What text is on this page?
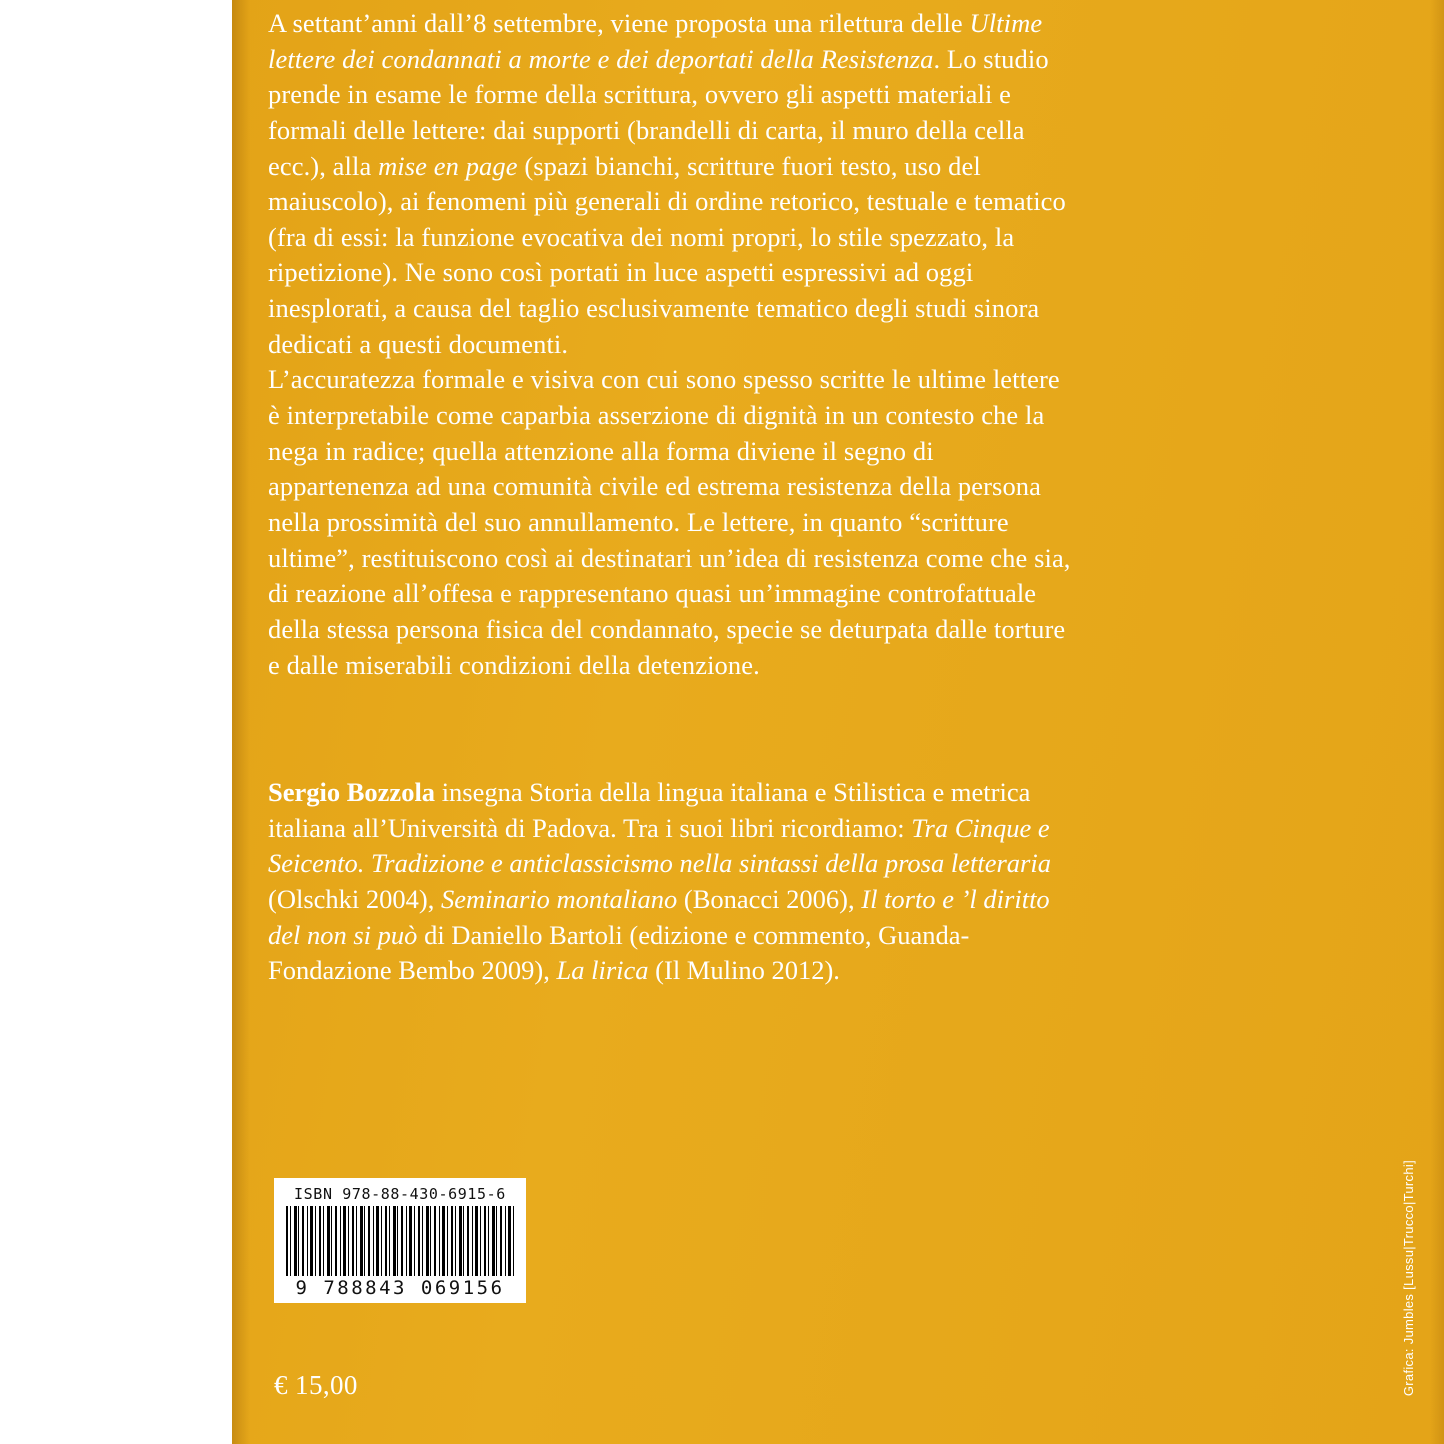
A settant’anni dall’8 settembre, viene proposta una rilettura delle Ultime lettere dei condannati a morte e dei deportati della Resistenza. Lo studio prende in esame le forme della scrittura, ovvero gli aspetti materiali e formali delle lettere: dai supporti (brandelli di carta, il muro della cella ecc.), alla mise en page (spazi bianchi, scritture fuori testo, uso del maiuscolo), ai fenomeni più generali di ordine retorico, testuale e tematico (fra di essi: la funzione evocativa dei nomi propri, lo stile spezzato, la ripetizione). Ne sono così portati in luce aspetti espressivi ad oggi inesplorati, a causa del taglio esclusivamente tematico degli studi sinora dedicati a questi documenti.

L’accuratezza formale e visiva con cui sono spesso scritte le ultime lettere è interpretabile come caparbia asserzione di dignità in un contesto che la nega in radice; quella attenzione alla forma diviene il segno di appartenenza ad una comunità civile ed estrema resistenza della persona nella prossimità del suo annullamento. Le lettere, in quanto “scritture ultime”, restituiscono così ai destinatari un’idea di resistenza come che sia, di reazione all’offesa e rappresentano quasi un’immagine controfattuale della stessa persona fisica del condannato, specie se deturpata dalle torture e dalle miserabili condizioni della detenzione.

Sergio Bozzola insegna Storia della lingua italiana e Stilistica e metrica italiana all’Università di Padova. Tra i suoi libri ricordiamo: Tra Cinque e Seicento. Tradizione e anticlassicismo nella sintassi della prosa letteraria (Olschki 2004), Seminario montaliano (Bonacci 2006), Il torto e ’l diritto del non si può di Daniello Bartoli (edizione e commento, Guanda-Fondazione Bembo 2009), La lirica (Il Mulino 2012).

ISBN 978-88-430-6915-6
9 788843 069156
€ 15,00	Grafica: Jumbles [Lussu|Trucco|Turchi]
